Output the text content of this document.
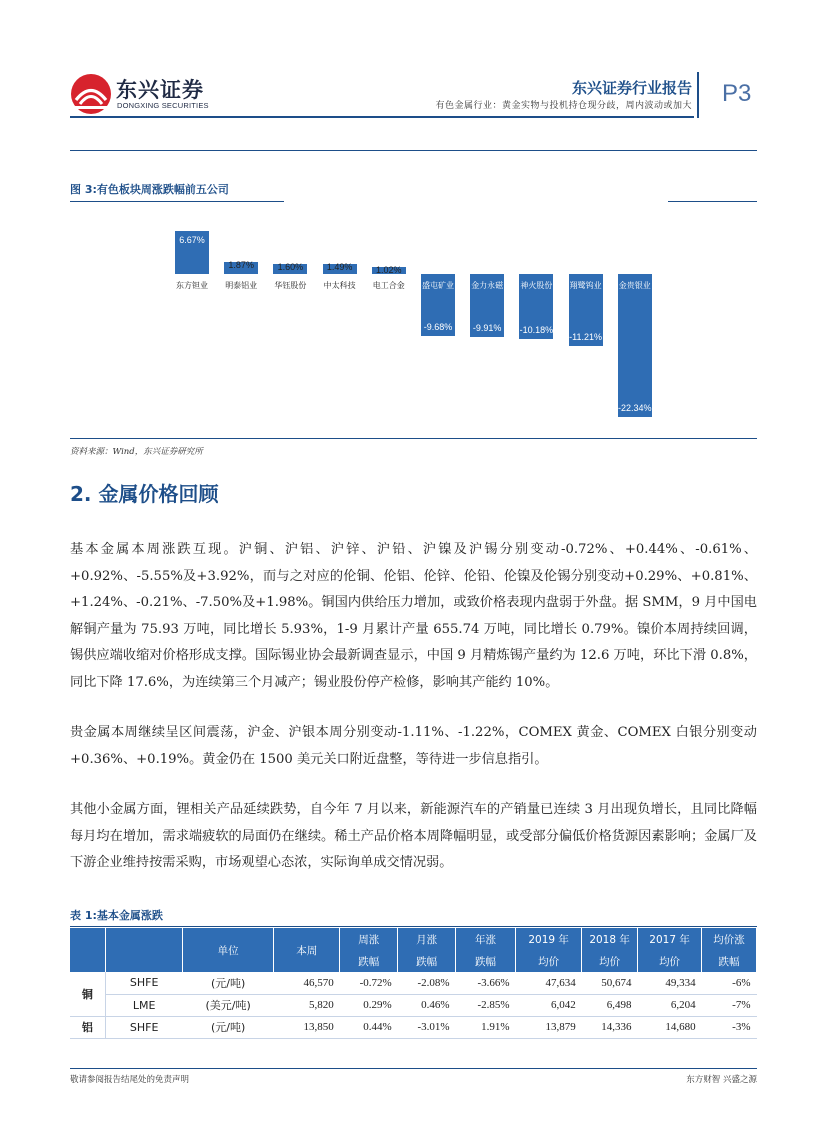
东兴证券
DONGXING SECURITIES
东兴证券行业报告
有色金属行业：黄金实物与投机持仓现分歧，周内波动或加大 P3
图 3:有色板块周涨跌幅前五公司
6.67%
东方钽业
1.87%
明泰铝业
1.60%
华钰股份
1.49%
中太科技
1.02%
电工合金
-9.68%
盛屯矿业
-9.91%
金力永磁
-10.18%
神火股份
-11.21%
翔鹭钨业
-22.34%
金贵银业
资料来源：Wind，东兴证券研究所
2. 金属价格回顾
基本金属本周涨跌互现。沪铜、沪铝、沪锌、沪铅、沪镍及沪锡分别变动-0.72%、+0.44%、-0.61%、+0.92%、-5.55%及+3.92%，而与之对应的伦铜、伦铝、伦锌、伦铅、伦镍及伦锡分别变动+0.29%、+0.81%、+1.24%、-0.21%、-7.50%及+1.98%。铜国内供给压力增加，或致价格表现内盘弱于外盘。据 SMM，9 月中国电解铜产量为 75.93 万吨，同比增长 5.93%，1-9 月累计产量 655.74 万吨，同比增长 0.79%。镍价本周持续回调，锡供应端收缩对价格形成支撑。国际锡业协会最新调查显示，中国 9 月精炼锡产量约为 12.6 万吨，环比下滑 0.8%，同比下降 17.6%，为连续第三个月减产；锡业股份停产检修，影响其产能约 10%。
贵金属本周继续呈区间震荡，沪金、沪银本周分别变动-1.11%、-1.22%，COMEX 黄金、COMEX 白银分别变动+0.36%、+0.19%。黄金仍在 1500 美元关口附近盘整，等待进一步信息指引。
其他小金属方面，锂相关产品延续跌势，自今年 7 月以来，新能源汽车的产销量已连续 3 月出现负增长，且同比降幅每月均在增加，需求端疲软的局面仍在继续。稀土产品价格本周降幅明显，或受部分偏低价格货源因素影响；金属厂及下游企业维持按需采购，市场观望心态浓，实际询单成交情况弱。
表 1:基本金属涨跌
		单位	本周	周涨	月涨	年涨	2019 年	2018 年	2017 年	均价涨
				跌幅	跌幅	跌幅	均价	均价	均价	跌幅
铜	SHFE	(元/吨)	46,570	-0.72%	-2.08%	-3.66%	47,634	50,674	49,334	-6%
	LME	(美元/吨)	5,820	0.29%	0.46%	-2.85%	6,042	6,498	6,204	-7%
铝	SHFE	(元/吨)	13,850	0.44%	-3.01%	1.91%	13,879	14,336	14,680	-3%
敬请参阅报告结尾处的免责声明	东方财智 兴盛之源
